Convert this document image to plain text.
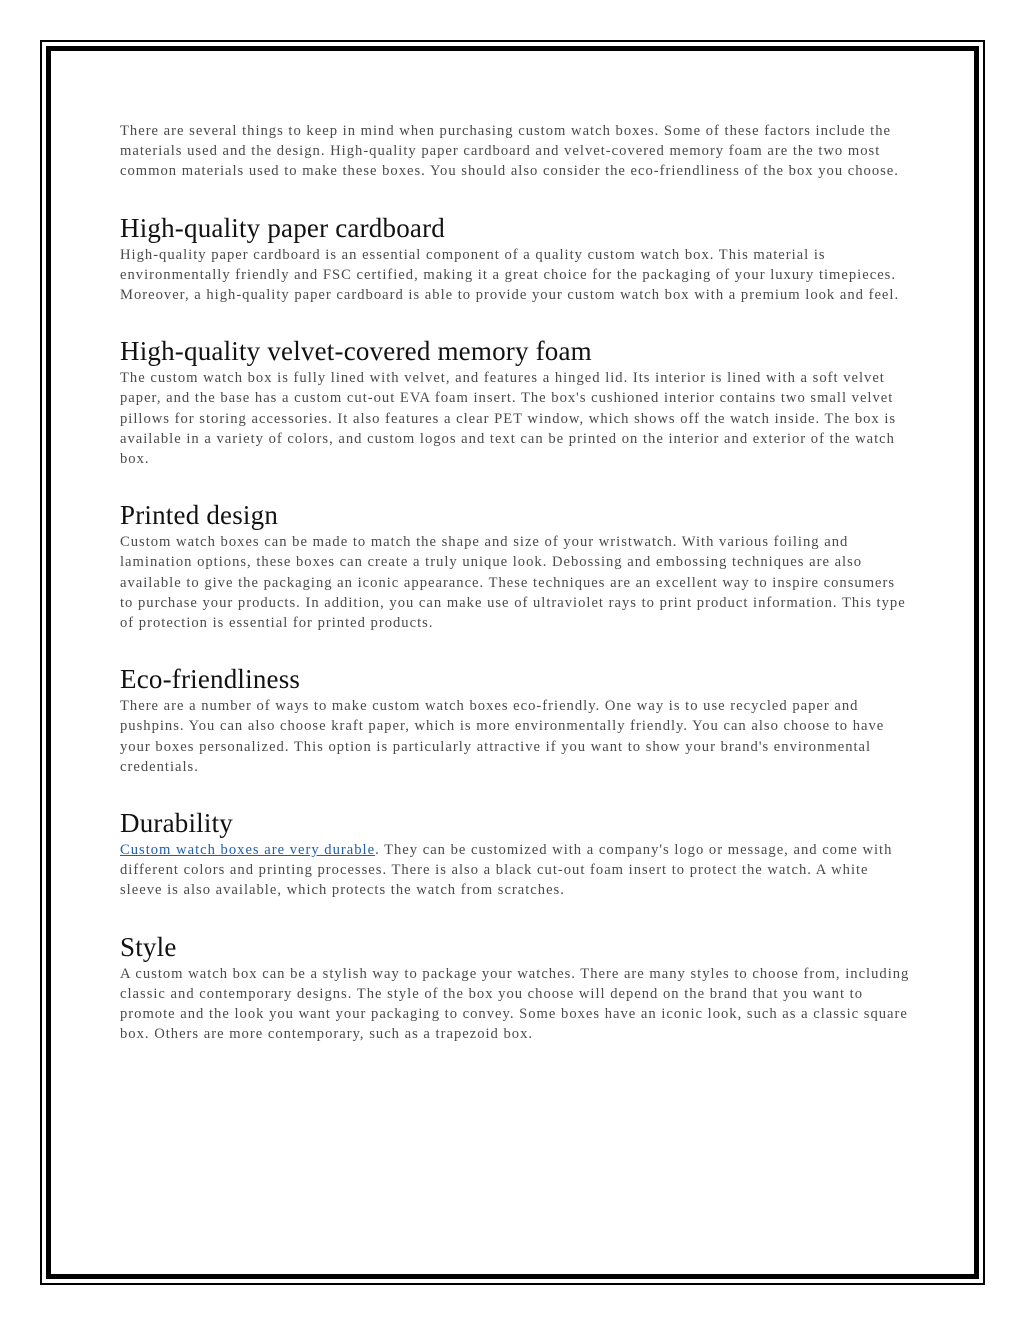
There are several things to keep in mind when purchasing custom watch boxes. Some of these factors include the materials used and the design. High-quality paper cardboard and velvet-covered memory foam are the two most common materials used to make these boxes. You should also consider the eco-friendliness of the box you choose.

High-quality paper cardboard

High-quality paper cardboard is an essential component of a quality custom watch box. This material is environmentally friendly and FSC certified, making it a great choice for the packaging of your luxury timepieces. Moreover, a high-quality paper cardboard is able to provide your custom watch box with a premium look and feel.

High-quality velvet-covered memory foam

The custom watch box is fully lined with velvet, and features a hinged lid. Its interior is lined with a soft velvet paper, and the base has a custom cut-out EVA foam insert. The box's cushioned interior contains two small velvet pillows for storing accessories. It also features a clear PET window, which shows off the watch inside. The box is available in a variety of colors, and custom logos and text can be printed on the interior and exterior of the watch box.

Printed design

Custom watch boxes can be made to match the shape and size of your wristwatch. With various foiling and lamination options, these boxes can create a truly unique look. Debossing and embossing techniques are also available to give the packaging an iconic appearance. These techniques are an excellent way to inspire consumers to purchase your products. In addition, you can make use of ultraviolet rays to print product information. This type of protection is essential for printed products.

Eco-friendliness

There are a number of ways to make custom watch boxes eco-friendly. One way is to use recycled paper and pushpins. You can also choose kraft paper, which is more environmentally friendly. You can also choose to have your boxes personalized. This option is particularly attractive if you want to show your brand's environmental credentials.

Durability

Custom watch boxes are very durable. They can be customized with a company's logo or message, and come with different colors and printing processes. There is also a black cut-out foam insert to protect the watch. A white sleeve is also available, which protects the watch from scratches.

Style

A custom watch box can be a stylish way to package your watches. There are many styles to choose from, including classic and contemporary designs. The style of the box you choose will depend on the brand that you want to promote and the look you want your packaging to convey. Some boxes have an iconic look, such as a classic square box. Others are more contemporary, such as a trapezoid box.
